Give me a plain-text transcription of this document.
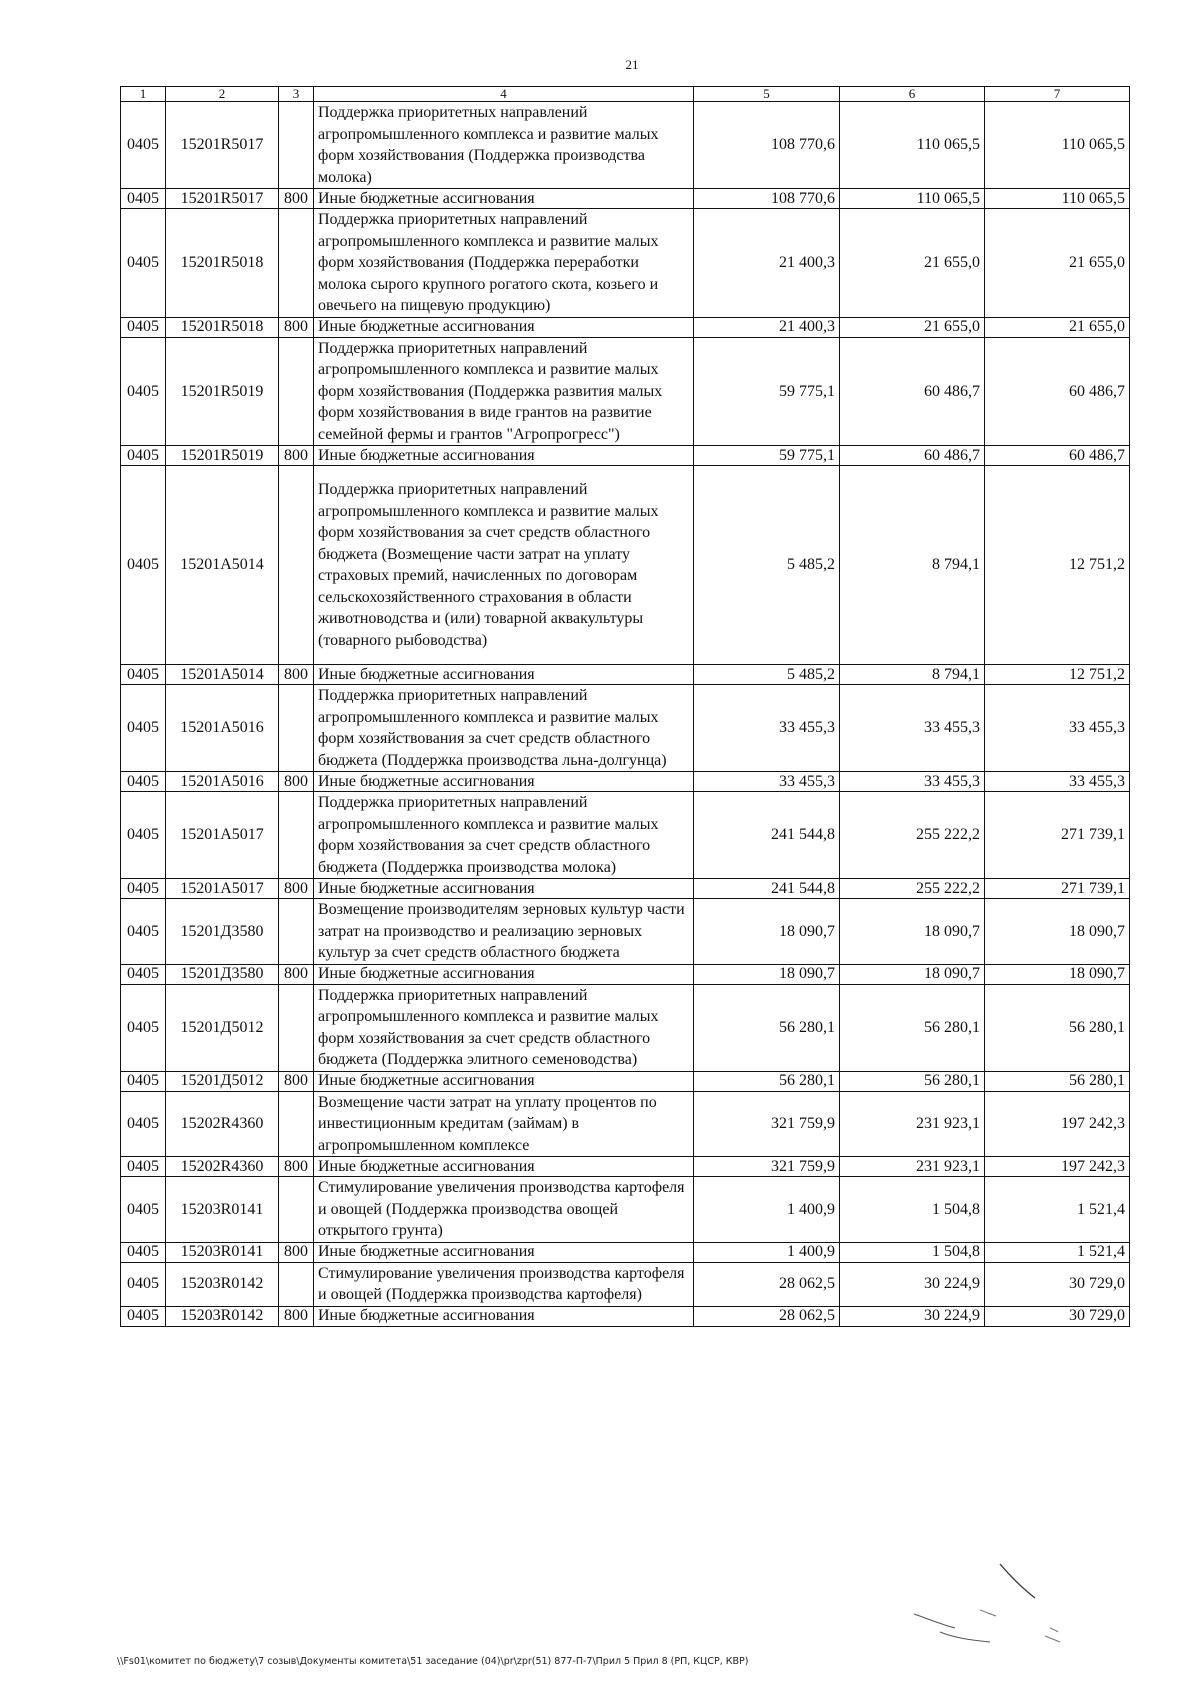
21
1	2	3	4	5	6	7
0405	15201R5017		Поддержка приоритетных направлений агропромышленного комплекса и развитие малых форм хозяйствования (Поддержка производства молока)	108 770,6	110 065,5	110 065,5
0405	15201R5017	800	Иные бюджетные ассигнования	108 770,6	110 065,5	110 065,5
0405	15201R5018		Поддержка приоритетных направлений агропромышленного комплекса и развитие малых форм хозяйствования (Поддержка переработки молока сырого крупного рогатого скота, козьего и овечьего на пищевую продукцию)	21 400,3	21 655,0	21 655,0
0405	15201R5018	800	Иные бюджетные ассигнования	21 400,3	21 655,0	21 655,0
0405	15201R5019		Поддержка приоритетных направлений агропромышленного комплекса и развитие малых форм хозяйствования (Поддержка развития малых форм хозяйствования в виде грантов на развитие семейной фермы и грантов "Агропрогресс")	59 775,1	60 486,7	60 486,7
0405	15201R5019	800	Иные бюджетные ассигнования	59 775,1	60 486,7	60 486,7
0405	15201A5014		Поддержка приоритетных направлений агропромышленного комплекса и развитие малых форм хозяйствования за счет средств областного бюджета (Возмещение части затрат на уплату страховых премий, начисленных по договорам сельскохозяйственного страхования в области животноводства и (или) товарной аквакультуры (товарного рыбоводства)	5 485,2	8 794,1	12 751,2
0405	15201A5014	800	Иные бюджетные ассигнования	5 485,2	8 794,1	12 751,2
0405	15201A5016		Поддержка приоритетных направлений агропромышленного комплекса и развитие малых форм хозяйствования за счет средств областного бюджета (Поддержка производства льна-долгунца)	33 455,3	33 455,3	33 455,3
0405	15201A5016	800	Иные бюджетные ассигнования	33 455,3	33 455,3	33 455,3
0405	15201A5017		Поддержка приоритетных направлений агропромышленного комплекса и развитие малых форм хозяйствования за счет средств областного бюджета (Поддержка производства молока)	241 544,8	255 222,2	271 739,1
0405	15201A5017	800	Иные бюджетные ассигнования	241 544,8	255 222,2	271 739,1
0405	15201Д3580		Возмещение производителям зерновых культур части затрат на производство и реализацию зерновых культур за счет средств областного бюджета	18 090,7	18 090,7	18 090,7
0405	15201Д3580	800	Иные бюджетные ассигнования	18 090,7	18 090,7	18 090,7
0405	15201Д5012		Поддержка приоритетных направлений агропромышленного комплекса и развитие малых форм хозяйствования за счет средств областного бюджета (Поддержка элитного семеноводства)	56 280,1	56 280,1	56 280,1
0405	15201Д5012	800	Иные бюджетные ассигнования	56 280,1	56 280,1	56 280,1
0405	15202R4360		Возмещение части затрат на уплату процентов по инвестиционным кредитам (займам) в агропромышленном комплексе	321 759,9	231 923,1	197 242,3
0405	15202R4360	800	Иные бюджетные ассигнования	321 759,9	231 923,1	197 242,3
0405	15203R0141		Стимулирование увеличения производства картофеля и овощей (Поддержка производства овощей открытого грунта)	1 400,9	1 504,8	1 521,4
0405	15203R0141	800	Иные бюджетные ассигнования	1 400,9	1 504,8	1 521,4
0405	15203R0142		Стимулирование увеличения производства картофеля и овощей (Поддержка производства картофеля)	28 062,5	30 224,9	30 729,0
0405	15203R0142	800	Иные бюджетные ассигнования	28 062,5	30 224,9	30 729,0
\\Fs01\комитет по бюджету\7 созыв\Документы комитета\51 заседание (04)\pr\zpr(51) 877-П-7\Прил 5 Прил 8 (РП, КЦСР, КВР)
